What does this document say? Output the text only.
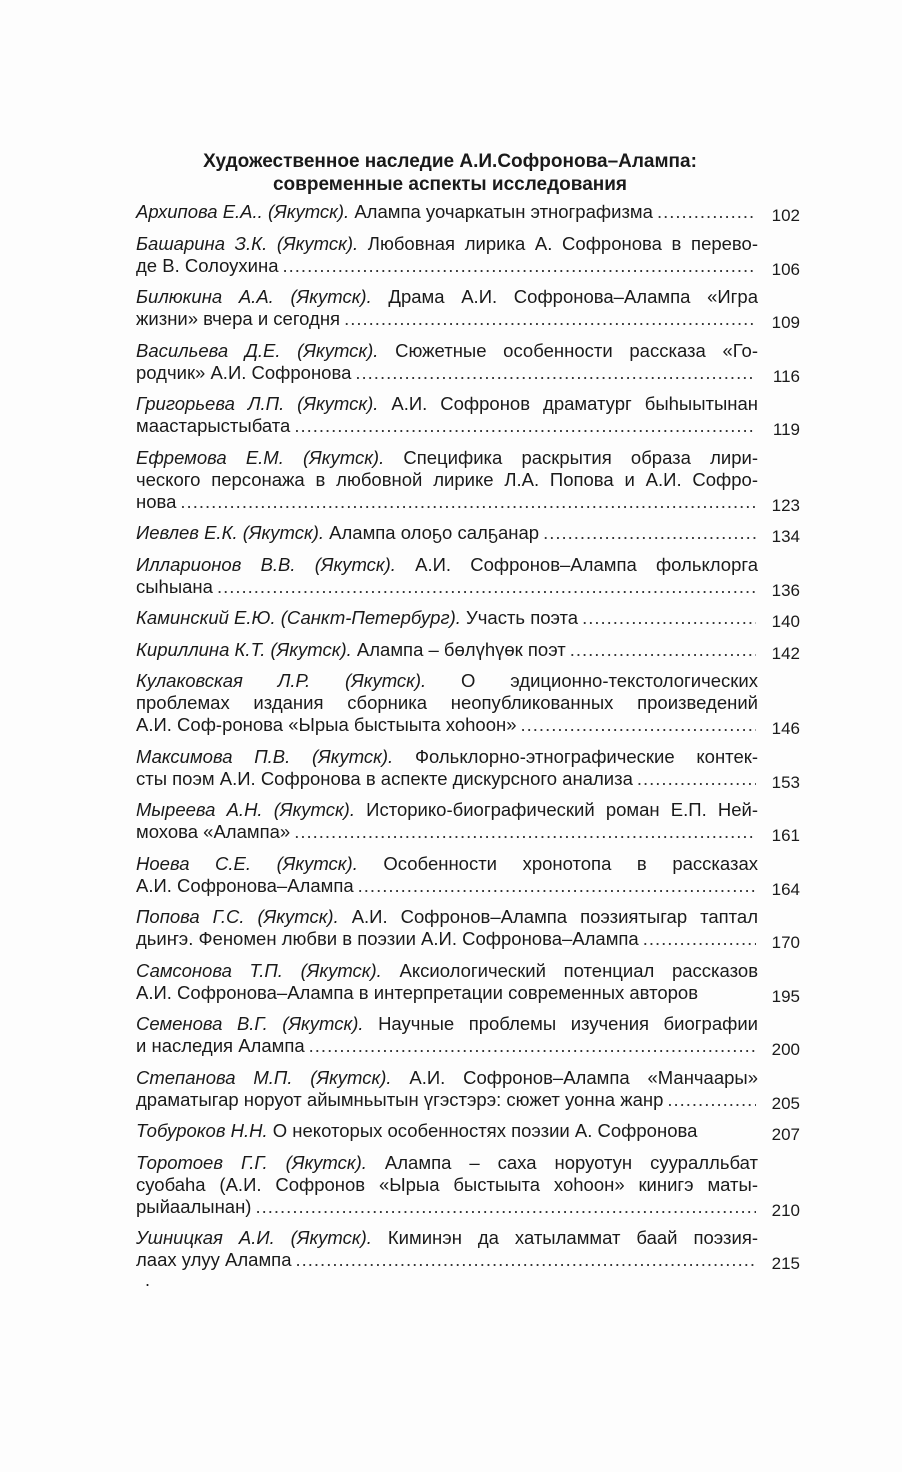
Художественное наследие А.И.Софронова–Алампа:
современные аспекты исследования
Архипова Е.А.. (Якутск). Алампа уочаркатын этнографизма .....	102
Башарина З.К. (Якутск). Любовная лирика А. Софронова в перево-
де В. Солоухина .....	106
Билюкина А.А. (Якутск). Драма А.И. Софронова–Алампа «Игра
жизни» вчера и сегодня .....	109
Васильева Д.Е. (Якутск). Сюжетные особенности рассказа «Го-
родчик» А.И. Софронова .....	116
Григорьева Л.П. (Якутск). А.И. Софронов драматург быһыытынан
маастарыстыбата .....	119
Ефремова Е.М. (Якутск). Специфика раскрытия образа лири-
ческого персонажа в любовной лирике Л.А. Попова и А.И. Софро-
нова .....	123
Иевлев Е.К. (Якутск). Алампа олоҕо салҕанар .....	134
Илларионов В.В. (Якутск). А.И. Софронов–Алампа фольклорга
сыһыана .....	136
Каминский Е.Ю. (Санкт-Петербург). Участь поэта .....	140
Кириллина К.Т. (Якутск). Алампа – бөлүһүөк поэт .....	142
Кулаковская Л.Р. (Якутск). О эдиционно-текстологических
проблемах издания сборника неопубликованных произведений
А.И. Соф-ронова «Ырыа быстыыта хоһоон» .....	146
Максимова П.В. (Якутск). Фольклорно-этнографические контек-
сты поэм А.И. Софронова в аспекте дискурсного анализа .....	153
Мыреева А.Н. (Якутск). Историко-биографический роман Е.П. Ней-
мохова «Алампа» .....	161
Ноева С.Е. (Якутск). Особенности хронотопа в рассказах
А.И. Софронова–Алампа .....	164
Попова Г.С. (Якутск). А.И. Софронов–Алампа поэзиятыгар таптал
дьиҥэ. Феномен любви в поэзии А.И. Софронова–Алампа .....	170
Самсонова Т.П. (Якутск). Аксиологический потенциал рассказов
А.И. Софронова–Алампа в интерпретации современных авторов	195
Семенова В.Г. (Якутск). Научные проблемы изучения биографии
и наследия Алампа .....	200
Степанова М.П. (Якутск). А.И. Софронов–Алампа «Манчаары»
драматыгар норуот айымньытын үгэстэрэ: сюжет уонна жанр .....	205
Тобуроков Н.Н. О некоторых особенностях поэзии А. Софронова	207
Торотоев Г.Г. (Якутск). Алампа – саха норуотун сууралльбат
суобаһа (А.И. Софронов «Ырыа быстыыта хоһоон» кинигэ маты-
рыйаалынан) .....	210
Ушницкая А.И. (Якутск). Киминэн да хатыламмат баай поэзия-
лаах улуу Алампа .....	215
.
